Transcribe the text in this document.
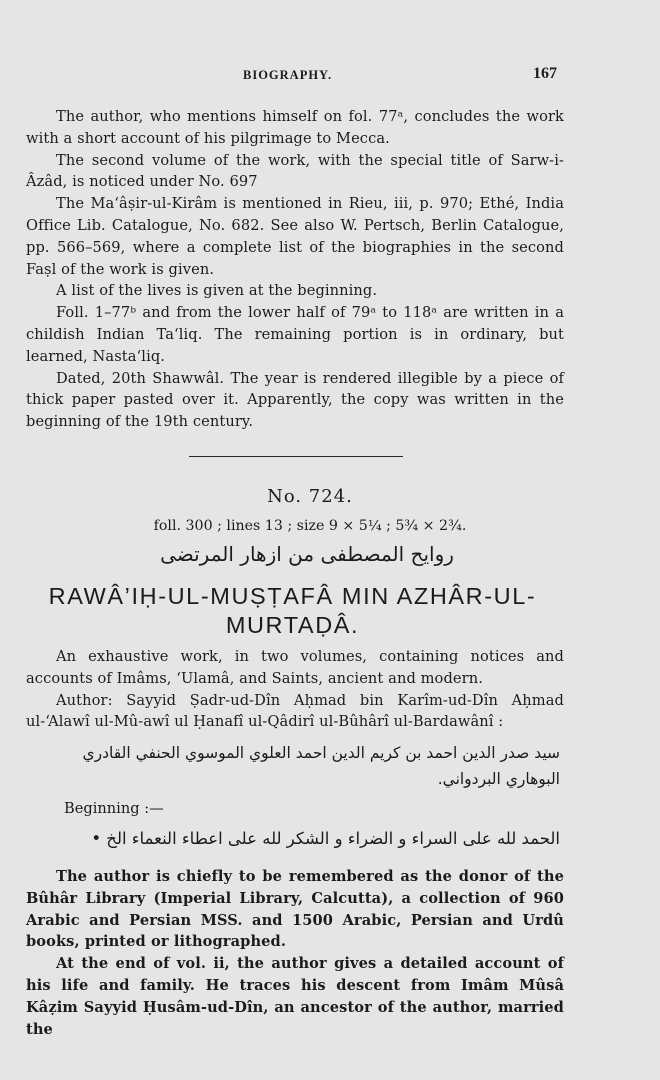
BIOGRAPHY.	167

The author, who mentions himself on fol. 77ᵃ, concludes the work with a short account of his pilgrimage to Mecca.

The second volume of the work, with the special title of Sarw-i-Âzâd, is noticed under No. 697

The Ma‘âṣir-ul-Kirâm is mentioned in Rieu, iii, p. 970; Ethé, India Office Lib. Catalogue, No. 682. See also W. Pertsch, Berlin Catalogue, pp. 566–569, where a complete list of the biographies in the second Faṣl of the work is given.

A list of the lives is given at the beginning.

Foll. 1–77ᵇ and from the lower half of 79ᵃ to 118ᵃ are written in a childish Indian Ta‘liq. The remaining portion is in ordinary, but learned, Nasta‘liq.

Dated, 20th Shawwâl. The year is rendered illegible by a piece of thick paper pasted over it. Apparently, the copy was written in the beginning of the 19th century.

No. 724.
foll. 300 ; lines 13 ; size 9 × 5¼ ; 5¾ × 2¾.
روايح المصطفى من ازهار المرتضى
RAWÂ’IḤ-UL-MUṢṬAFÂ MIN AZHÂR-UL-MURTAḌÂ.

An exhaustive work, in two volumes, containing notices and accounts of Imâms, ‘Ulamâ, and Saints, ancient and modern.

Author: Sayyid Ṣadr-ud-Dîn Aḥmad bin Karîm-ud-Dîn Aḥmad ul-‘Alawî ul-Mû-awî ul Ḥanafî ul-Qâdirî ul-Bûhârî ul-Bardawânî :

سيد صدر الدين احمد بن كريم الدين احمد العلوي الموسوي الحنفي القادري البوهاري البردواني.
Beginning :—
الحمد لله على السراء و الضراء و الشكر لله على اعطاء النعماء الخ •

The author is chiefly to be remembered as the donor of the Bûhâr Library (Imperial Library, Calcutta), a collection of 960 Arabic and Persian MSS. and 1500 Arabic, Persian and Urdû books, printed or lithographed.

At the end of vol. ii, the author gives a detailed account of his life and family. He traces his descent from Imâm Mûsâ Kâẓim Sayyid Ḥusâm-ud-Dîn, an ancestor of the author, married the
